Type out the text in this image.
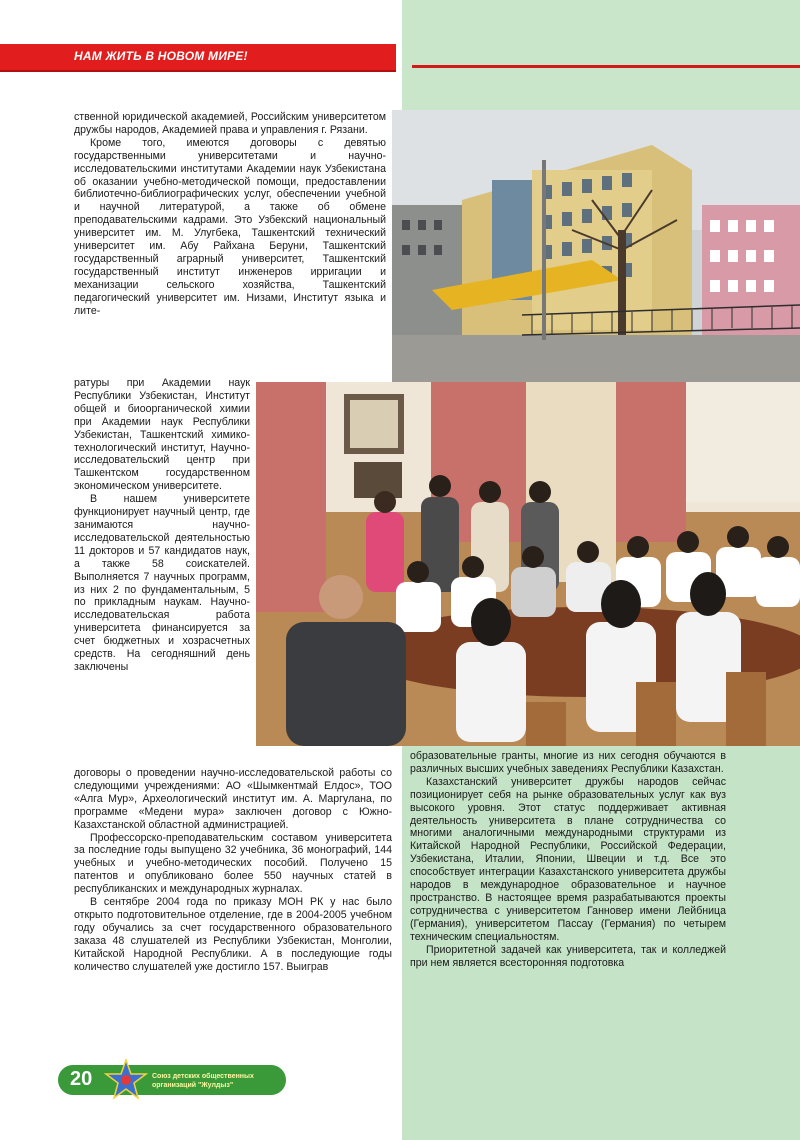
НАМ ЖИТЬ В НОВОМ МИРЕ!

ственной юридической академией, Российским университетом дружбы народов, Академией права и управления г. Рязани.

Кроме того, имеются договоры с девятью государственными университетами и научно-исследовательскими институтами Академии наук Узбекистана об оказании учебно-методической помощи, предоставлении библиотечно-библиографических услуг, обеспечении учебной и научной литературой, а также об обмене преподавательскими кадрами. Это Узбекский национальный университет им. М. Улугбека, Ташкентский технический университет им. Абу Райхана Беруни, Ташкентский государственный аграрный университет, Ташкентский государственный институт инженеров ирригации и механизации сельского хозяйства, Ташкентский педагогический университет им. Низами, Институт языка и лите-

ратуры при Академии наук Республики Узбекистан, Институт общей и биоорганической химии при Академии наук Республики Узбекистан, Ташкентский химико-технологический институт, Научно-исследовательский центр при Ташкентском государственном экономическом университете.

В нашем университете функционирует научный центр, где занимаются научно-исследовательской деятельностью 11 докторов и 57 кандидатов наук, а также 58 соискателей. Выполняется 7 научных программ, из них 2 по фундаментальным, 5 по прикладным наукам. Научно-исследовательская работа университета финансируется за счет бюджетных и хозрасчетных средств. На сегодняшний день заключены

договоры о проведении научно-исследовательской работы со следующими учреждениями: АО «Шымкентмай Елдос», ТОО «Алга Мур», Археологический институт им. А. Маргулана, по программе «Медени мура» заключен договор с Южно-Казахстанской областной администрацией.

Профессорско-преподавательским составом университета за последние годы выпущено 32 учебника, 36 монографий, 144 учебных и учебно-методических пособий. Получено 15 патентов и опубликовано более 550 научных статей в республиканских и международных журналах.

В сентябре 2004 года по приказу МОН РК у нас было открыто подготовительное отделение, где в 2004-2005 учебном году обучались за счет государственного образовательного заказа 48 слушателей из Республики Узбекистан, Монголии, Китайской Народной Республики. А в последующие годы количество слушателей уже достигло 157. Выиграв

образовательные гранты, многие из них сегодня обучаются в различных высших учебных заведениях Республики Казахстан.

Казахстанский университет дружбы народов сейчас позиционирует себя на рынке образовательных услуг как вуз высокого уровня. Этот статус поддерживает активная деятельность университета в плане сотрудничества со многими аналогичными международными структурами из Китайской Народной Республики, Российской Федерации, Узбекистана, Италии, Японии, Швеции и т.д. Все это способствует интеграции Казахстанского университета дружбы народов в международное образовательное и научное пространство. В настоящее время разрабатываются проекты сотрудничества с университетом Ганновер имени Лейбница (Германия), университетом Пассау (Германия) по четырем техническим специальностям.

Приоритетной задачей как университета, так и колледжей при нем является всесторонняя подготовка

20	Союз детских общественных
организаций "Жулдыз"
